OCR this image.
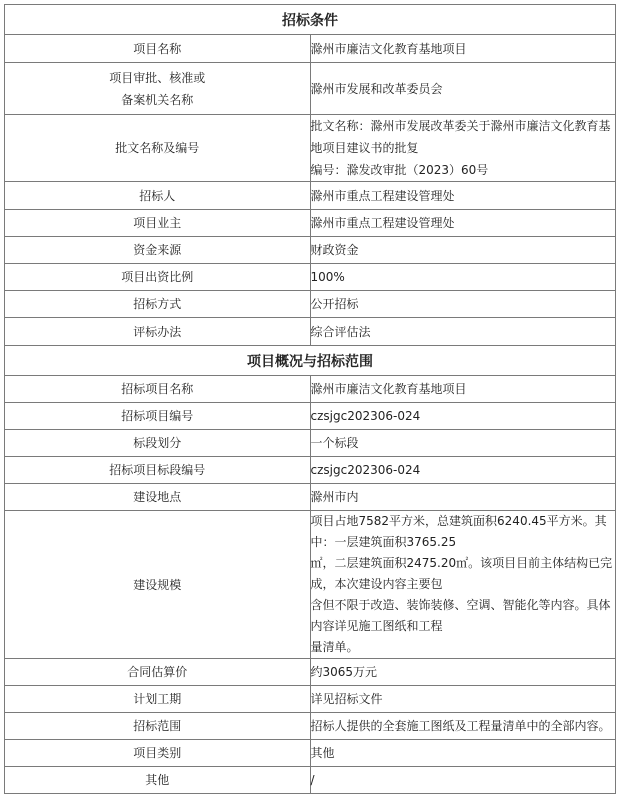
招标条件	
项目名称	滁州市廉洁文化教育基地项目

项目审批、核准或
备案机关名称	滁州市发展和改革委员会
批文名称及编号	批文名称：滁州市发展改革委关于滁州市廉洁文化教育基地项目建议书的批复
编号：滁发改审批（2023）60号

招标人	滁州市重点工程建设管理处
项目业主	滁州市重点工程建设管理处
资金来源	财政资金
项目出资比例	100%
招标方式	公开招标
评标办法	综合评估法
项目概况与招标范围	
招标项目名称	滁州市廉洁文化教育基地项目
招标项目编号	czsjgc202306-024
标段划分	一个标段
招标项目标段编号	czsjgc202306-024
建设地点	滁州市内
建设规模	项目占地7582平方米，总建筑面积6240.45平方米。其中：一层建筑面积3765.25
㎡，二层建筑面积2475.20㎡。该项目目前主体结构已完成，本次建设内容主要包
含但不限于改造、装饰装修、空调、智能化等内容。具体内容详见施工图纸和工程
量清单。

合同估算价	约3065万元
计划工期	详见招标文件
招标范围	招标人提供的全套施工图纸及工程量清单中的全部内容。
项目类别	其他
其他	/
